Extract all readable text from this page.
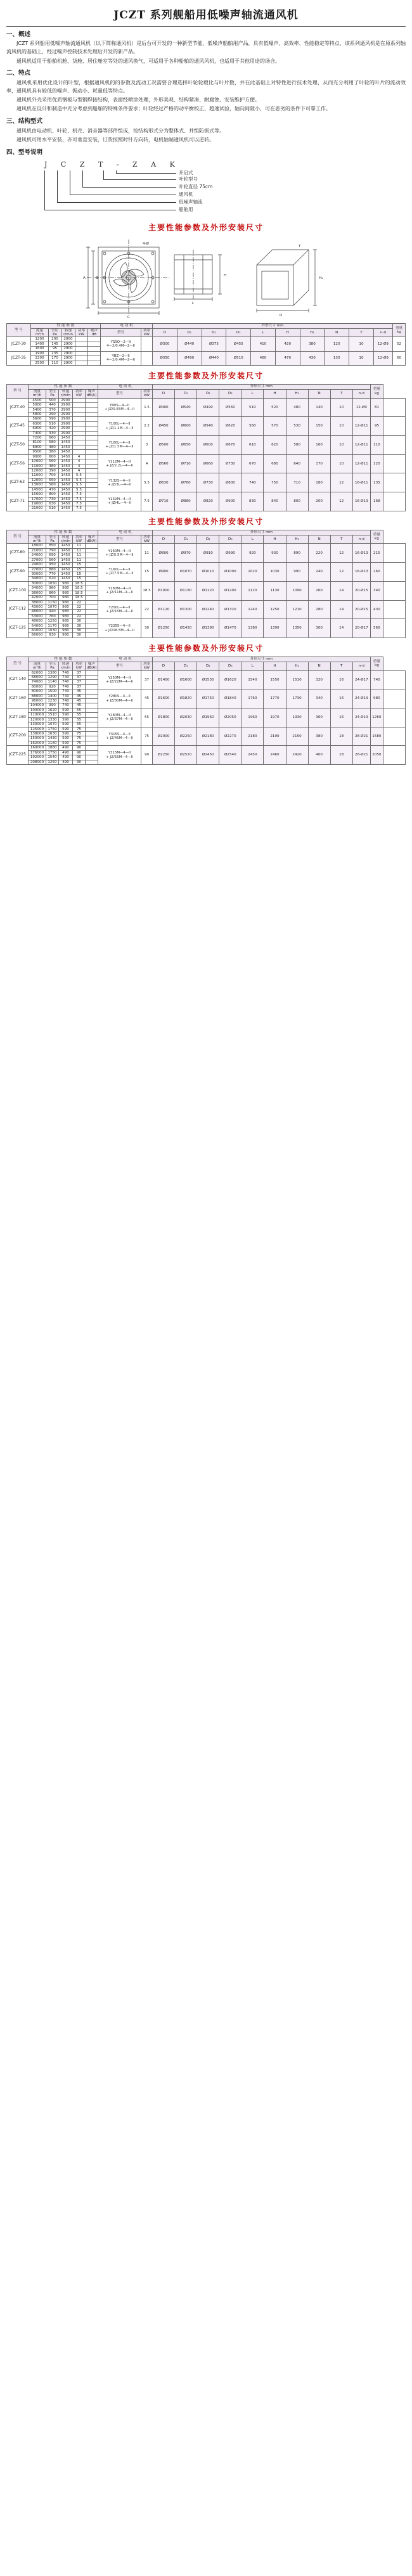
JCZT 系列舰船用低噪声轴流通风机
一、概述

JCZT 系列船用低噪声轴流通风机（以下简称通风机）是后台可开发的一种新型节能、低噪声船舶用产品，具有低噪声、高效率、性能稳定等特点，该系列通风机是在原系列轴流风机的基础上，经过噪声控制技术处理后开发的新产品。

通风机适用于船舶机舱、货舱、居住舱室等处的通风换气，可适用于各种船舶的通风风机，也适用于其他用途的场合。

二、特点

通风机采用优化设计的叶型，根据通风机的的参数及流动工况需要合理选择叶轮轮毂比与叶片数，并在此基础上对特性进行技术处理，从而充分利用了叶轮的叶片的流动效率，通风机具有较低的噪声、振动小、耗量低等特点。

通风机外壳采用优质钢板与型钢焊接结构，表面经喷涂处理，外形美观、结构紧凑、耐腐蚀、安装维护方便。

通风机在设计和制造中充分考虑到船舶的特殊条件要求；叶轮经过严格的动平衡校正、超速试验，轴向间隙小，可在恶劣的条件下可靠工作。

三、结构型式

通风机由电动机、叶轮、机壳、消音器等部件组成，按结构形式分为整体式、并组防振式等。

通风机可用水平安装，亦可垂直安装，订货按照时针方向转，电机轴端通风机可以逆转。

四、型号说明
J C Z T - Z A K
开启式
叶轮型号
叶轮直径 75cm
通风机
低噪声轴流
船舶用
主要性能参数及外形安装尺寸
A	B
C
L
H
4-Ø
D
H₁
T
型 号	性 能 参 数					电 动 机		外形尺寸 mm										重量
kg
	流量
m³/h	全压
Pa	转速
r/min	功率
kW	噪声
dB	型号	功率
kW	D	D₁	D₂	D₃	L	H	H₁	N	T	n-d	
JCZT-30	1200	200	2900			YSSQ—2—II
4—2/0.4M—2—II		Ø300	Ø440	Ø375	Ø455	410	420	380	120	10	12-Ø9	52
	1400	145	2900															
	1600	95	2900															
JCZT-35	1900	235	2900			YBZ—2—II
4—2/0.4M—2—II		Ø350	Ø490	Ø440	Ø510	460	470	430	130	10	12-Ø9	60
	2200	170	2900															
	2500	110	2900															
主要性能参数及外形安装尺寸
型 号	性 能 参 数					电 动 机		外形尺寸 mm										重量
kg	
	流量
m³/h	全压
Pa	转速
r/min	功率
kW	噪声
dB(A)	型号	功率
kW	D	D₁	D₂	D₃	L	H	H₁	N	T	n-d		
JCZT-40	4500	500	2900			Y90S—4—II
+ JZ/0.55M—4—II	1.5	Ø400	Ø540	Ø490	Ø560	510	520	480	140	10	12-Ø9	81	
	5000	440	2900																
	5400	370	2900																
	5800	290	2900																
JCZT-45	5600	590	2900			Y100L—4—II
+ JZ/1.1M—4—II	2.2	Ø450	Ø600	Ø540	Ø620	560	570	530	150	10	12-Ø11	95	
	6300	510	2900																
	6900	420	2900																
	7400	330	2900																
JCZT-50	7200	660	1450			Y100L—4—II
+ JZ/1.5M—4—II	3	Ø500	Ø650	Ø600	Ø670	610	620	580	160	10	12-Ø11	110	
	8100	580	1450																
	8900	480	1450																
	9500	380	1450																
JCZT-56	9000	600	1450	4		Y112M—4—II
+ JZ/2.2L—4—II	4	Ø560	Ø710	Ø660	Ø730	670	680	640	170	10	12-Ø11	120	
	10000	560	1450	4															
	11000	480	1450	4															
	12000	390	1450	4															
JCZT-63	11000	700	1450	5.5		Y132S—4—II
+ JZ/3L—4—II	5.5	Ø630	Ø780	Ø730	Ø800	740	750	710	180	12	16-Ø11	135	
	12000	650	1450	5.5															
	13000	580	1450	5.5															
	14500	470	1450	5.5															
JCZT-71	15000	800	1450	7.5		Y132M—4—II
+ JZ/4L—4—II	7.5	Ø710	Ø880	Ø820	Ø900	830	840	800	200	12	16-Ø13	168	
	17000	730	1450	7.5															
	19000	630	1450	7.5															
	21000	510	1450	7.5															
主要性能参数及外形安装尺寸
型 号	性 能 参 数					电 动 机		外形尺寸 mm										重量
kg	
	流量
m³/h	全压
Pa	转速
r/min	功率
kW	噪声
dB(A)	型号	功率
kW	D	D₁	D₂	D₃	L	H	H₁	N	T	n-d		
JCZT-80	18000	850	1450	11		Y160M—4—II
+ JZ/5.5M—4—II	11	Ø800	Ø970	Ø910	Ø990	920	930	890	220	12	16-Ø13	215	
	21000	790	1450	11															
	24000	690	1450	11															
	27000	560	1450	11															
JCZT-90	24000	950	1450	15		Y160L—4—II
+ JZ/7.5M—4—II	15	Ø900	Ø1070	Ø1010	Ø1090	1020	1030	990	240	12	16-Ø13	260	
	27000	880	1450	15															
	30000	770	1450	15															
	34000	620	1450	15															
JCZT-100	30000	1050	980	18.5		Y180M—4—II
+ JZ/11M—4—II	18.5	Ø1000	Ø1180	Ø1120	Ø1200	1120	1130	1090	260	14	20-Ø15	340	
	34000	980	980	18.5															
	38000	860	980	18.5															
	42000	700	980	18.5															
JCZT-112	38000	1150	980	22		Y200L—4—II
+ JZ/15M—4—II	22	Ø1120	Ø1300	Ø1240	Ø1320	1240	1250	1210	280	14	20-Ø15	430	
	43000	1070	980	22															
	48000	940	980	22															
	53000	760	980	22															
JCZT-125	48000	1250	980	30		Y225S—4—II
+ JZ/18.5M—4—II	30	Ø1250	Ø1450	Ø1380	Ø1470	1380	1390	1350	300	14	20-Ø17	560	
	54000	1170	980	30															
	60000	1030	980	30															
	66000	830	980	30															
主要性能参数及外形安装尺寸
型 号	性 能 参 数					电 动 机		外形尺寸 mm										重量
kg	
	流量
m³/h	全压
Pa	转速
r/min	功率
kW	噪声
dB(A)	型号	功率
kW	D	D₁	D₂	D₃	L	H	H₁	N	T	n-d		
JCZT-140	62000	1380	740	37		Y250M—4—II
+ JZ/22M—4—II	37	Ø1400	Ø1600	Ø1530	Ø1620	1540	1550	1510	320	16	24-Ø17	740	
	68000	1290	740	37															
	74000	1140	740	37															
	80000	920	740	37															
JCZT-160	80000	1500	740	45		Y280S—4—II
+ JZ/30M—4—II	45	Ø1600	Ø1820	Ø1750	Ø1840	1760	1770	1730	340	16	24-Ø19	980	
	88000	1400	740	45															
	96000	1230	740	45															
	104000	990	740	45															
JCZT-180	100000	1620	590	55		Y280M—4—II
+ JZ/37M—4—II	55	Ø1800	Ø2030	Ø1960	Ø2050	1960	1970	1930	360	16	24-Ø19	1260	
	110000	1510	590	55															
	120000	1330	590	55															
	130000	1070	590	55															
JCZT-200	125000	1750	590	75		Y315S—4—II
+ JZ/45M—4—II	75	Ø2000	Ø2250	Ø2180	Ø2270	2180	2190	2150	380	18	28-Ø21	1580	
	138000	1630	590	75															
	150000	1430	590	75															
	162000	1160	590	75															
JCZT-225	160000	1880	490	90		Y315M—4—II
+ JZ/55M—4—II	90	Ø2250	Ø2520	Ø2450	Ø2540	2450	2460	2420	400	18	28-Ø21	2050	
	176000	1750	490	90															
	192000	1540	490	90															
	208000	1250	490	90															
